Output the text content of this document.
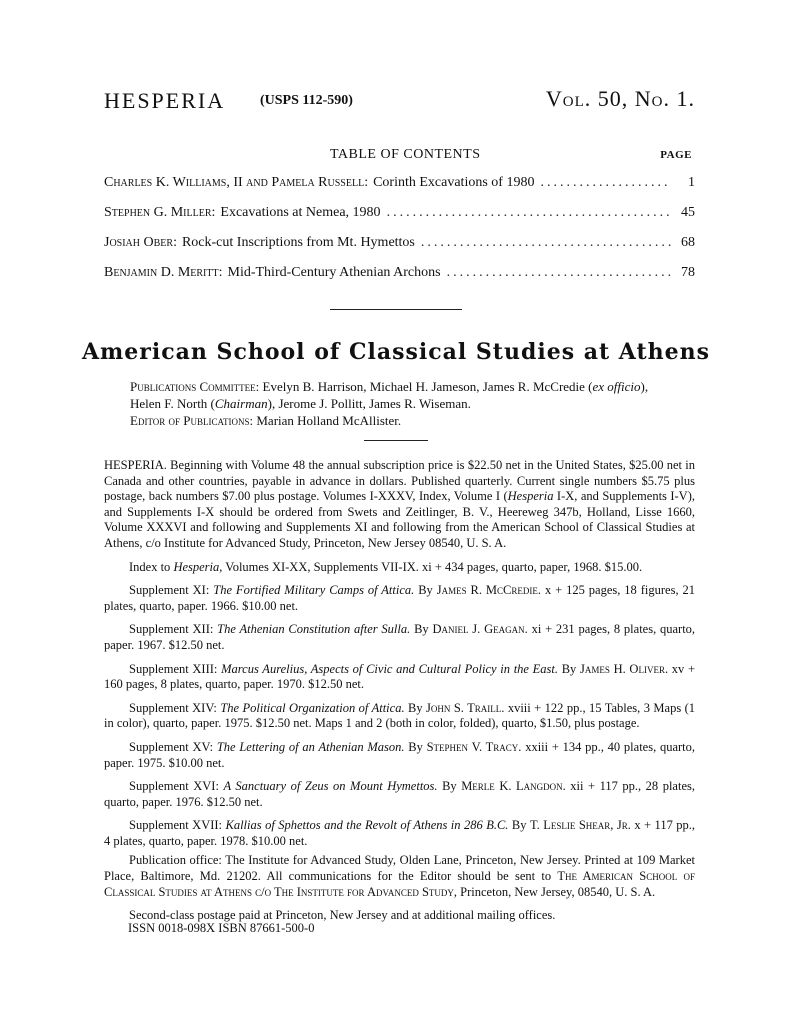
HESPERIA (USPS 112-590)	Vol. 50, No. 1.
TABLE OF CONTENTS	PAGE
Charles K. Williams, II and Pamela Russell : Corinth Excavations of 1980 .....	1
Stephen G. Miller : Excavations at Nemea, 1980 .....	45
Josiah Ober : Rock-cut Inscriptions from Mt. Hymettos .....	68
Benjamin D. Meritt : Mid-Third-Century Athenian Archons .....	78
American School of Classical Studies at Athens
Publications Committee: Evelyn B. Harrison, Michael H. Jameson, James R. McCredie (ex officio),
Helen F. North (Chairman), Jerome J. Pollitt, James R. Wiseman.
Editor of Publications: Marian Holland McAllister.

HESPERIA. Beginning with Volume 48 the annual subscription price is $22.50 net in the United States, $25.00 net in Canada and other countries, payable in advance in dollars. Published quarterly. Current single numbers $5.75 plus postage, back numbers $7.00 plus postage. Volumes I-XXXV, Index, Volume I (Hesperia I-X, and Supplements I-V), and Supplements I-X should be ordered from Swets and Zeitlinger, B. V., Heereweg 347b, Holland, Lisse 1660, Volume XXXVI and following and Supplements XI and following from the American School of Classical Studies at Athens, c/o Institute for Advanced Study, Princeton, New Jersey 08540, U. S. A.

Index to Hesperia, Volumes XI-XX, Supplements VII-IX. xi + 434 pages, quarto, paper, 1968. $15.00.

Supplement XI: The Fortified Military Camps of Attica. By James R. McCredie. x + 125 pages, 18 figures, 21 plates, quarto, paper. 1966. $10.00 net.

Supplement XII: The Athenian Constitution after Sulla. By Daniel J. Geagan. xi + 231 pages, 8 plates, quarto, paper. 1967. $12.50 net.

Supplement XIII: Marcus Aurelius, Aspects of Civic and Cultural Policy in the East. By James H. Oliver. xv + 160 pages, 8 plates, quarto, paper. 1970. $12.50 net.

Supplement XIV: The Political Organization of Attica. By John S. Traill. xviii + 122 pp., 15 Tables, 3 Maps (1 in color), quarto, paper. 1975. $12.50 net. Maps 1 and 2 (both in color, folded), quarto, $1.50, plus postage.

Supplement XV: The Lettering of an Athenian Mason. By Stephen V. Tracy. xxiii + 134 pp., 40 plates, quarto, paper. 1975. $10.00 net.

Supplement XVI: A Sanctuary of Zeus on Mount Hymettos. By Merle K. Langdon. xii + 117 pp., 28 plates, quarto, paper. 1976. $12.50 net.

Supplement XVII: Kallias of Sphettos and the Revolt of Athens in 286 B.C. By T. Leslie Shear, Jr. x + 117 pp., 4 plates, quarto, paper. 1978. $10.00 net.

Publication office: The Institute for Advanced Study, Olden Lane, Princeton, New Jersey. Printed at 109 Market Place, Baltimore, Md. 21202. All communications for the Editor should be sent to The American School of Classical Studies at Athens c/o The Institute for Advanced Study, Princeton, New Jersey, 08540, U. S. A.

Second-class postage paid at Princeton, New Jersey and at additional mailing offices.

ISSN 0018-098X ISBN 87661-500-0
